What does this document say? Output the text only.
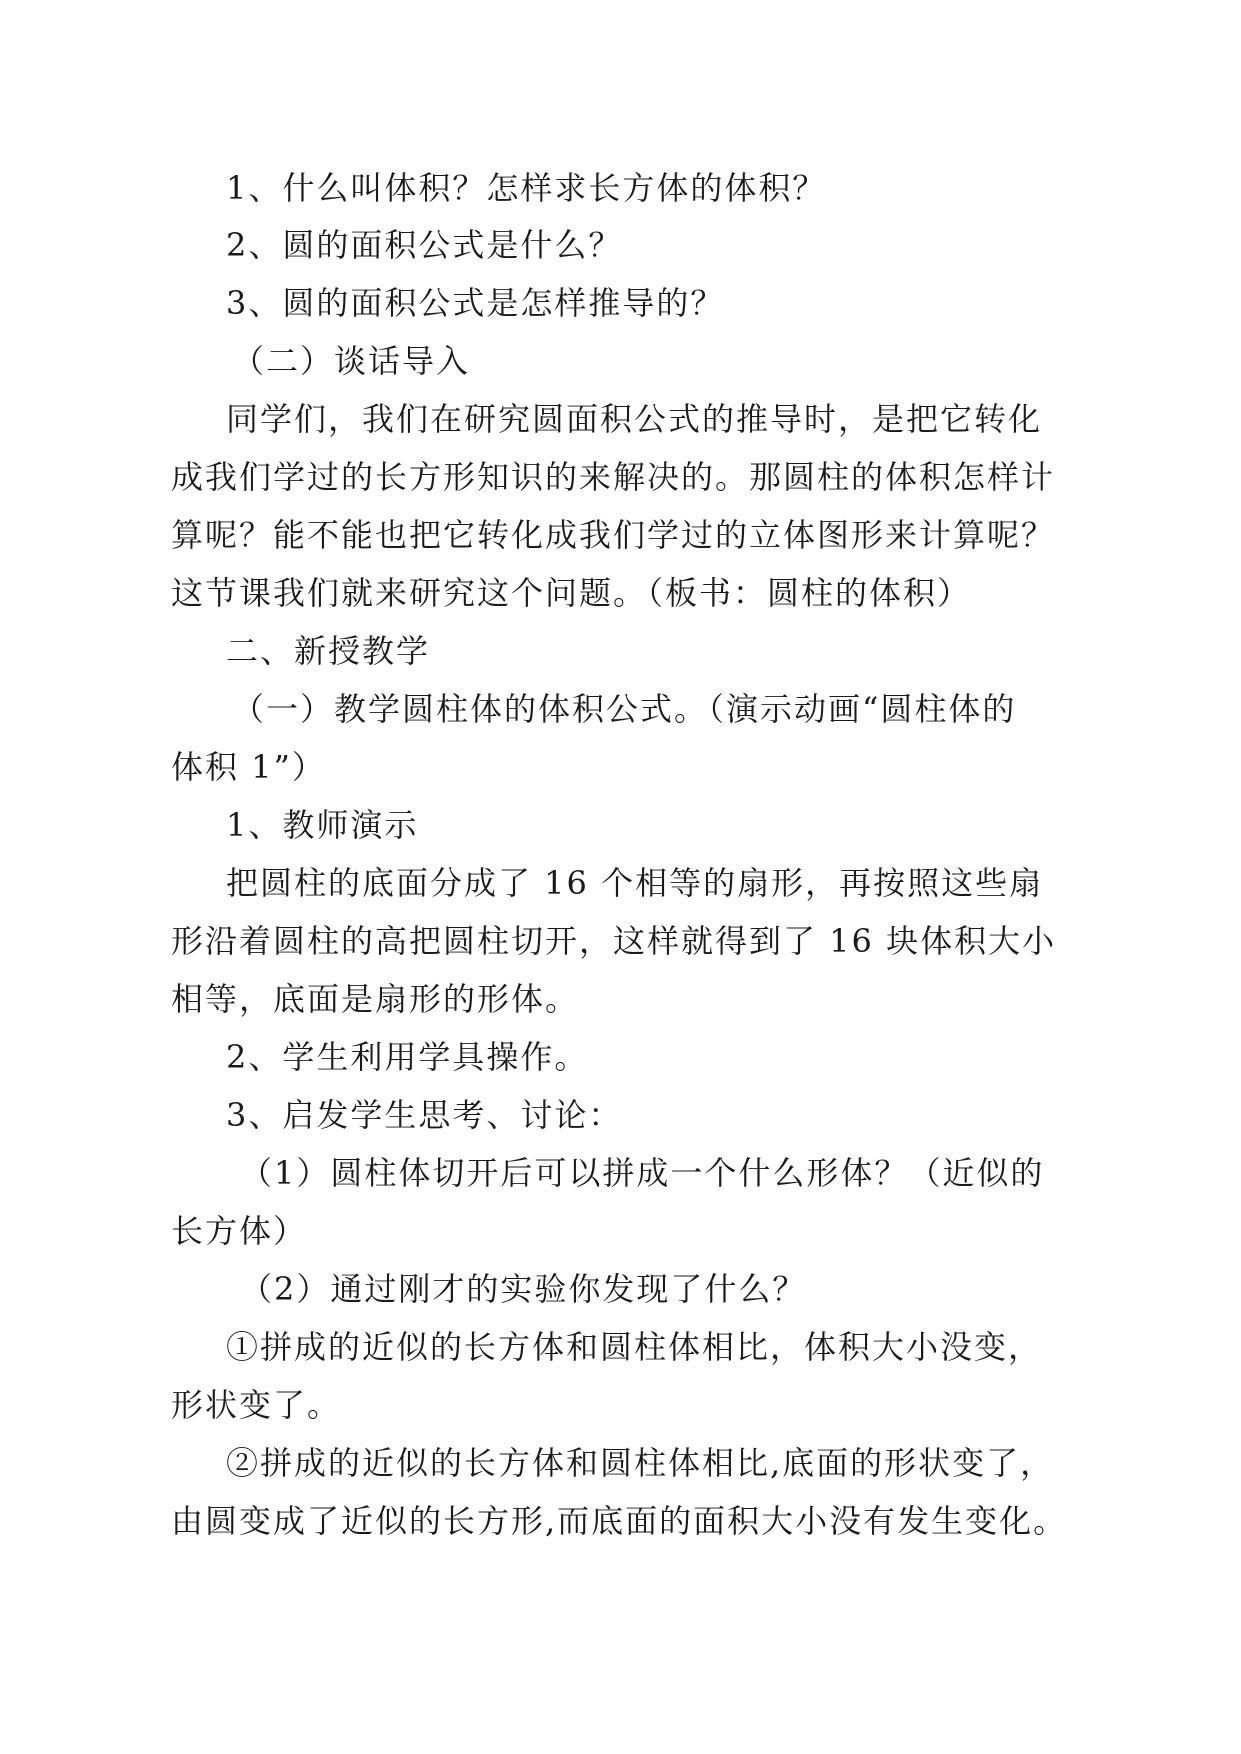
1、什么叫体积？怎样求长方体的体积？

2、圆的面积公式是什么？

3、圆的面积公式是怎样推导的？

（二）谈话导入

同学们，我们在研究圆面积公式的推导时，是把它转化

成我们学过的长方形知识的来解决的。那圆柱的体积怎样计

算呢？能不能也把它转化成我们学过的立体图形来计算呢？

这节课我们就来研究这个问题。（板书：圆柱的体积）

二、新授教学

（一）教学圆柱体的体积公式。（演示动画“圆柱体的

体积 1”）

1、教师演示

把圆柱的底面分成了 16 个相等的扇形，再按照这些扇

形沿着圆柱的高把圆柱切开，这样就得到了 16 块体积大小

相等，底面是扇形的形体。

2、学生利用学具操作。

3、启发学生思考、讨论：

（1）圆柱体切开后可以拼成一个什么形体？（近似的

长方体）

（2）通过刚才的实验你发现了什么？

①拼成的近似的长方体和圆柱体相比，体积大小没变，

形状变了。

②拼成的近似的长方体和圆柱体相比,底面的形状变了，

由圆变成了近似的长方形,而底面的面积大小没有发生变化。
